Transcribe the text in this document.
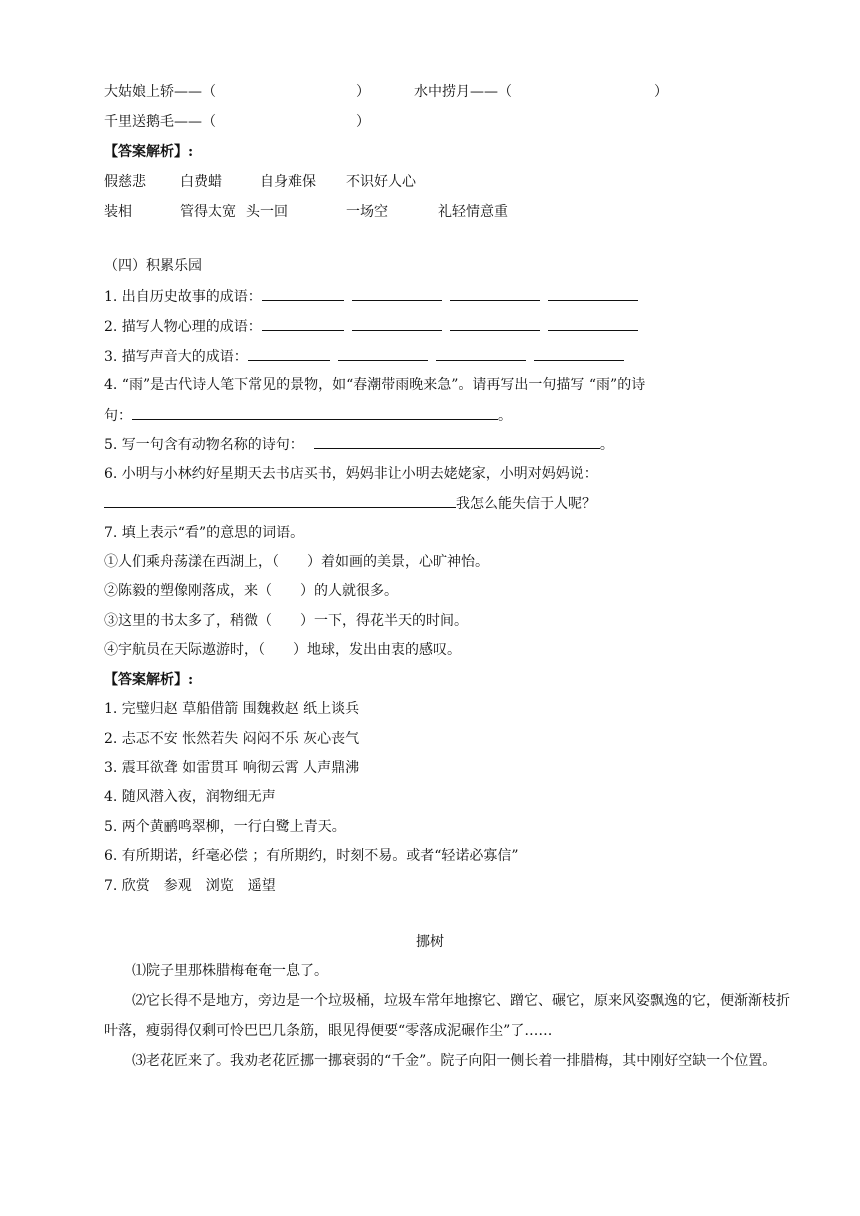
大姑娘上轿——（	）	水中捞月——（	）
千里送鹅毛——（	）
【答案解析】:
假慈悲 白费蜡	自身难保 不识好人心
装相	管得太宽 头一回	一场空	礼轻情意重
（四）积累乐园
1. 出自历史故事的成语：
2. 描写人物心理的成语：
3. 描写声音大的成语：
4. “雨”是古代诗人笔下常见的景物，如“春潮带雨晚来急”。请再写出一句描写 “雨”的诗
句：	。
5. 写一句含有动物名称的诗句：	。
6. 小明与小林约好星期天去书店买书，妈妈非让小明去姥姥家，小明对妈妈说：
我怎么能失信于人呢？
7. 填上表示“看”的意思的词语。
①人们乘舟荡漾在西湖上，（　　）着如画的美景，心旷神怡。
②陈毅的塑像刚落成，来（　　）的人就很多。
③这里的书太多了，稍微（　　）一下，得花半天的时间。
④宇航员在天际遨游时，（　　）地球，发出由衷的感叹。
【答案解析】:
1. 完璧归赵 草船借箭 围魏救赵 纸上谈兵
2. 忐忑不安 怅然若失 闷闷不乐 灰心丧气
3. 震耳欲聋 如雷贯耳 响彻云霄 人声鼎沸
4. 随风潜入夜，润物细无声
5. 两个黄鹂鸣翠柳，一行白鹭上青天。
6. 有所期诺，纤毫必偿 ；有所期约，时刻不易。或者“轻诺必寡信”
7. 欣赏　参观　浏览　遥望
挪树
⑴院子里那株腊梅奄奄一息了。
⑵它长得不是地方，旁边是一个垃圾桶，垃圾车常年地擦它、蹭它、碾它，原来风姿飘逸的它，便渐渐枝折叶落，瘦弱得仅剩可怜巴巴几条筋，眼见得便要“零落成泥碾作尘”了……
⑶老花匠来了。我劝老花匠挪一挪衰弱的“千金”。院子向阳一侧长着一排腊梅，其中刚好空缺一个位置。
